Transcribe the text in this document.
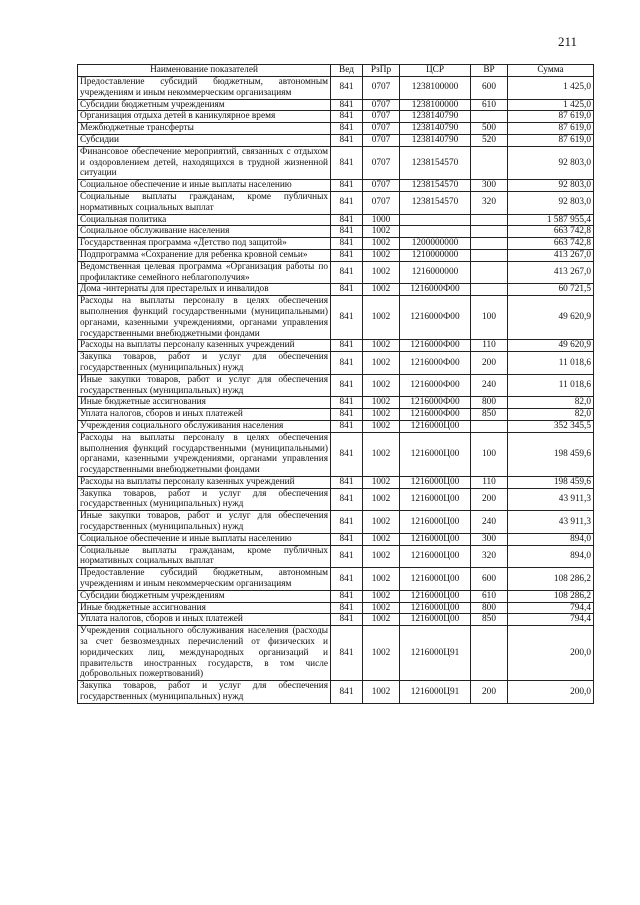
211
Наименование показателей	Вед	РзПр	ЦСР	ВР	Сумма
Предоставление субсидий бюджетным, автономным учреждениям и иным некоммерческим организациям	841	0707	1238100000	600	1 425,0
Субсидии бюджетным учреждениям	841	0707	1238100000	610	1 425,0
Организация отдыха детей в каникулярное время	841	0707	1238140790		87 619,0
Межбюджетные трансферты	841	0707	1238140790	500	87 619,0
Субсидии	841	0707	1238140790	520	87 619,0
Финансовое обеспечение мероприятий, связанных с отдыхом и оздоровлением детей, находящихся в трудной жизненной ситуации	841	0707	1238154570		92 803,0
Социальное обеспечение и иные выплаты населению	841	0707	1238154570	300	92 803,0
Социальные выплаты гражданам, кроме публичных нормативных социальных выплат	841	0707	1238154570	320	92 803,0
Социальная политика	841	1000			1 587 955,4
Социальное обслуживание населения	841	1002			663 742,8
Государственная программа «Детство под защитой»	841	1002	1200000000		663 742,8
Подпрограмма «Сохранение для ребенка кровной семьи»	841	1002	1210000000		413 267,0
Ведомственная целевая программа «Организация работы по профилактике семейного неблагополучия»	841	1002	1216000000		413 267,0
Дома -интернаты для престарелых и инвалидов	841	1002	1216000Ф00		60 721,5
Расходы на выплаты персоналу в целях обеспечения выполнения функций государственными (муниципальными) органами, казенными учреждениями, органами управления государственными внебюджетными фондами	841	1002	1216000Ф00	100	49 620,9
Расходы на выплаты персоналу казенных учреждений	841	1002	1216000Ф00	110	49 620,9
Закупка товаров, работ и услуг для обеспечения государственных (муниципальных) нужд	841	1002	1216000Ф00	200	11 018,6
Иные закупки товаров, работ и услуг для обеспечения государственных (муниципальных) нужд	841	1002	1216000Ф00	240	11 018,6
Иные бюджетные ассигнования	841	1002	1216000Ф00	800	82,0
Уплата налогов, сборов и иных платежей	841	1002	1216000Ф00	850	82,0
Учреждения социального обслуживания населения	841	1002	1216000Ц00		352 345,5
Расходы на выплаты персоналу в целях обеспечения выполнения функций государственными (муниципальными) органами, казенными учреждениями, органами управления государственными внебюджетными фондами	841	1002	1216000Ц00	100	198 459,6
Расходы на выплаты персоналу казенных учреждений	841	1002	1216000Ц00	110	198 459,6
Закупка товаров, работ и услуг для обеспечения государственных (муниципальных) нужд	841	1002	1216000Ц00	200	43 911,3
Иные закупки товаров, работ и услуг для обеспечения государственных (муниципальных) нужд	841	1002	1216000Ц00	240	43 911,3
Социальное обеспечение и иные выплаты населению	841	1002	1216000Ц00	300	894,0
Социальные выплаты гражданам, кроме публичных нормативных социальных выплат	841	1002	1216000Ц00	320	894,0
Предоставление субсидий бюджетным, автономным учреждениям и иным некоммерческим организациям	841	1002	1216000Ц00	600	108 286,2
Субсидии бюджетным учреждениям	841	1002	1216000Ц00	610	108 286,2
Иные бюджетные ассигнования	841	1002	1216000Ц00	800	794,4
Уплата налогов, сборов и иных платежей	841	1002	1216000Ц00	850	794,4
Учреждения социального обслуживания населения (расходы за счет безвозмездных перечислений от физических и юридических лиц, международных организаций и правительств иностранных государств, в том числе добровольных пожертвований)	841	1002	1216000Ц91		200,0
Закупка товаров, работ и услуг для обеспечения государственных (муниципальных) нужд	841	1002	1216000Ц91	200	200,0
